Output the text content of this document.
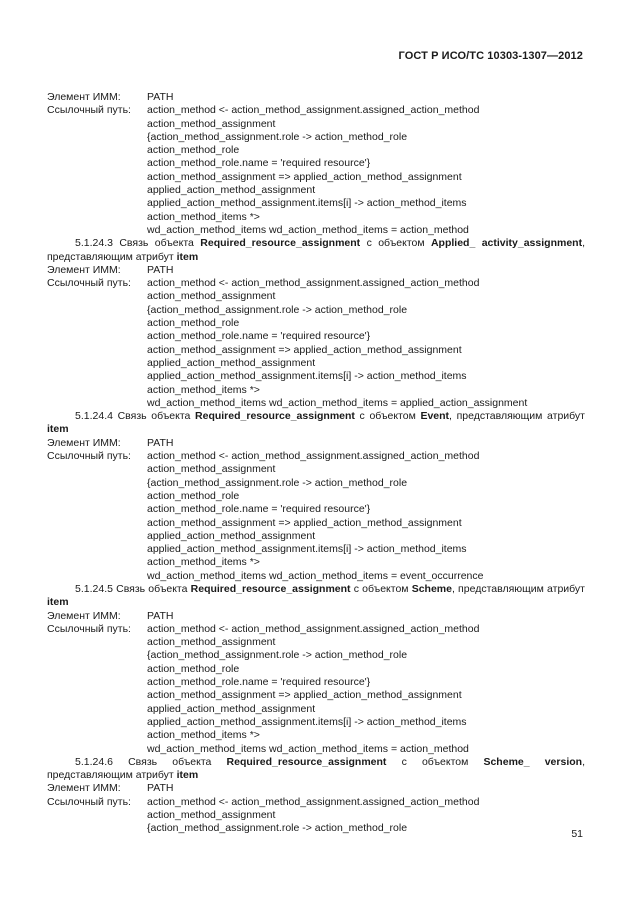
ГОСТ Р ИСО/ТС 10303-1307—2012
Элемент ИММ:	PATH
Ссылочный путь: action_method <- action_method_assignment.assigned_action_method
action_method_assignment
{action_method_assignment.role -> action_method_role
action_method_role
action_method_role.name = 'required resource'}
action_method_assignment => applied_action_method_assignment
applied_action_method_assignment
applied_action_method_assignment.items[i] -> action_method_items
action_method_items *>
wd_action_method_items wd_action_method_items = action_method
5.1.24.3 Связь объекта Required_resource_assignment с объектом Applied_ activity_assignment, представляющим атрибут item
Элемент ИММ:	PATH
Ссылочный путь: action_method <- action_method_assignment.assigned_action_method
action_method_assignment
{action_method_assignment.role -> action_method_role
action_method_role
action_method_role.name = 'required resource'}
action_method_assignment => applied_action_method_assignment
applied_action_method_assignment
applied_action_method_assignment.items[i] -> action_method_items
action_method_items *>
wd_action_method_items wd_action_method_items = applied_action_assignment
5.1.24.4 Связь объекта Required_resource_assignment с объектом Event, представляющим атрибут item
Элемент ИММ:	PATH
Ссылочный путь: action_method <- action_method_assignment.assigned_action_method
action_method_assignment
{action_method_assignment.role -> action_method_role
action_method_role
action_method_role.name = 'required resource'}
action_method_assignment => applied_action_method_assignment
applied_action_method_assignment
applied_action_method_assignment.items[i] -> action_method_items
action_method_items *>
wd_action_method_items wd_action_method_items = event_occurrence
5.1.24.5 Связь объекта Required_resource_assignment с объектом Scheme, представляющим атрибут item
Элемент ИММ:	PATH
Ссылочный путь: action_method <- action_method_assignment.assigned_action_method
action_method_assignment
{action_method_assignment.role -> action_method_role
action_method_role
action_method_role.name = 'required resource'}
action_method_assignment => applied_action_method_assignment
applied_action_method_assignment
applied_action_method_assignment.items[i] -> action_method_items
action_method_items *>
wd_action_method_items wd_action_method_items = action_method
5.1.24.6 Связь объекта Required_resource_assignment с объектом Scheme_ version, представляющим атрибут item
Элемент ИММ:	PATH
Ссылочный путь: action_method <- action_method_assignment.assigned_action_method
action_method_assignment
{action_method_assignment.role -> action_method_role	51
